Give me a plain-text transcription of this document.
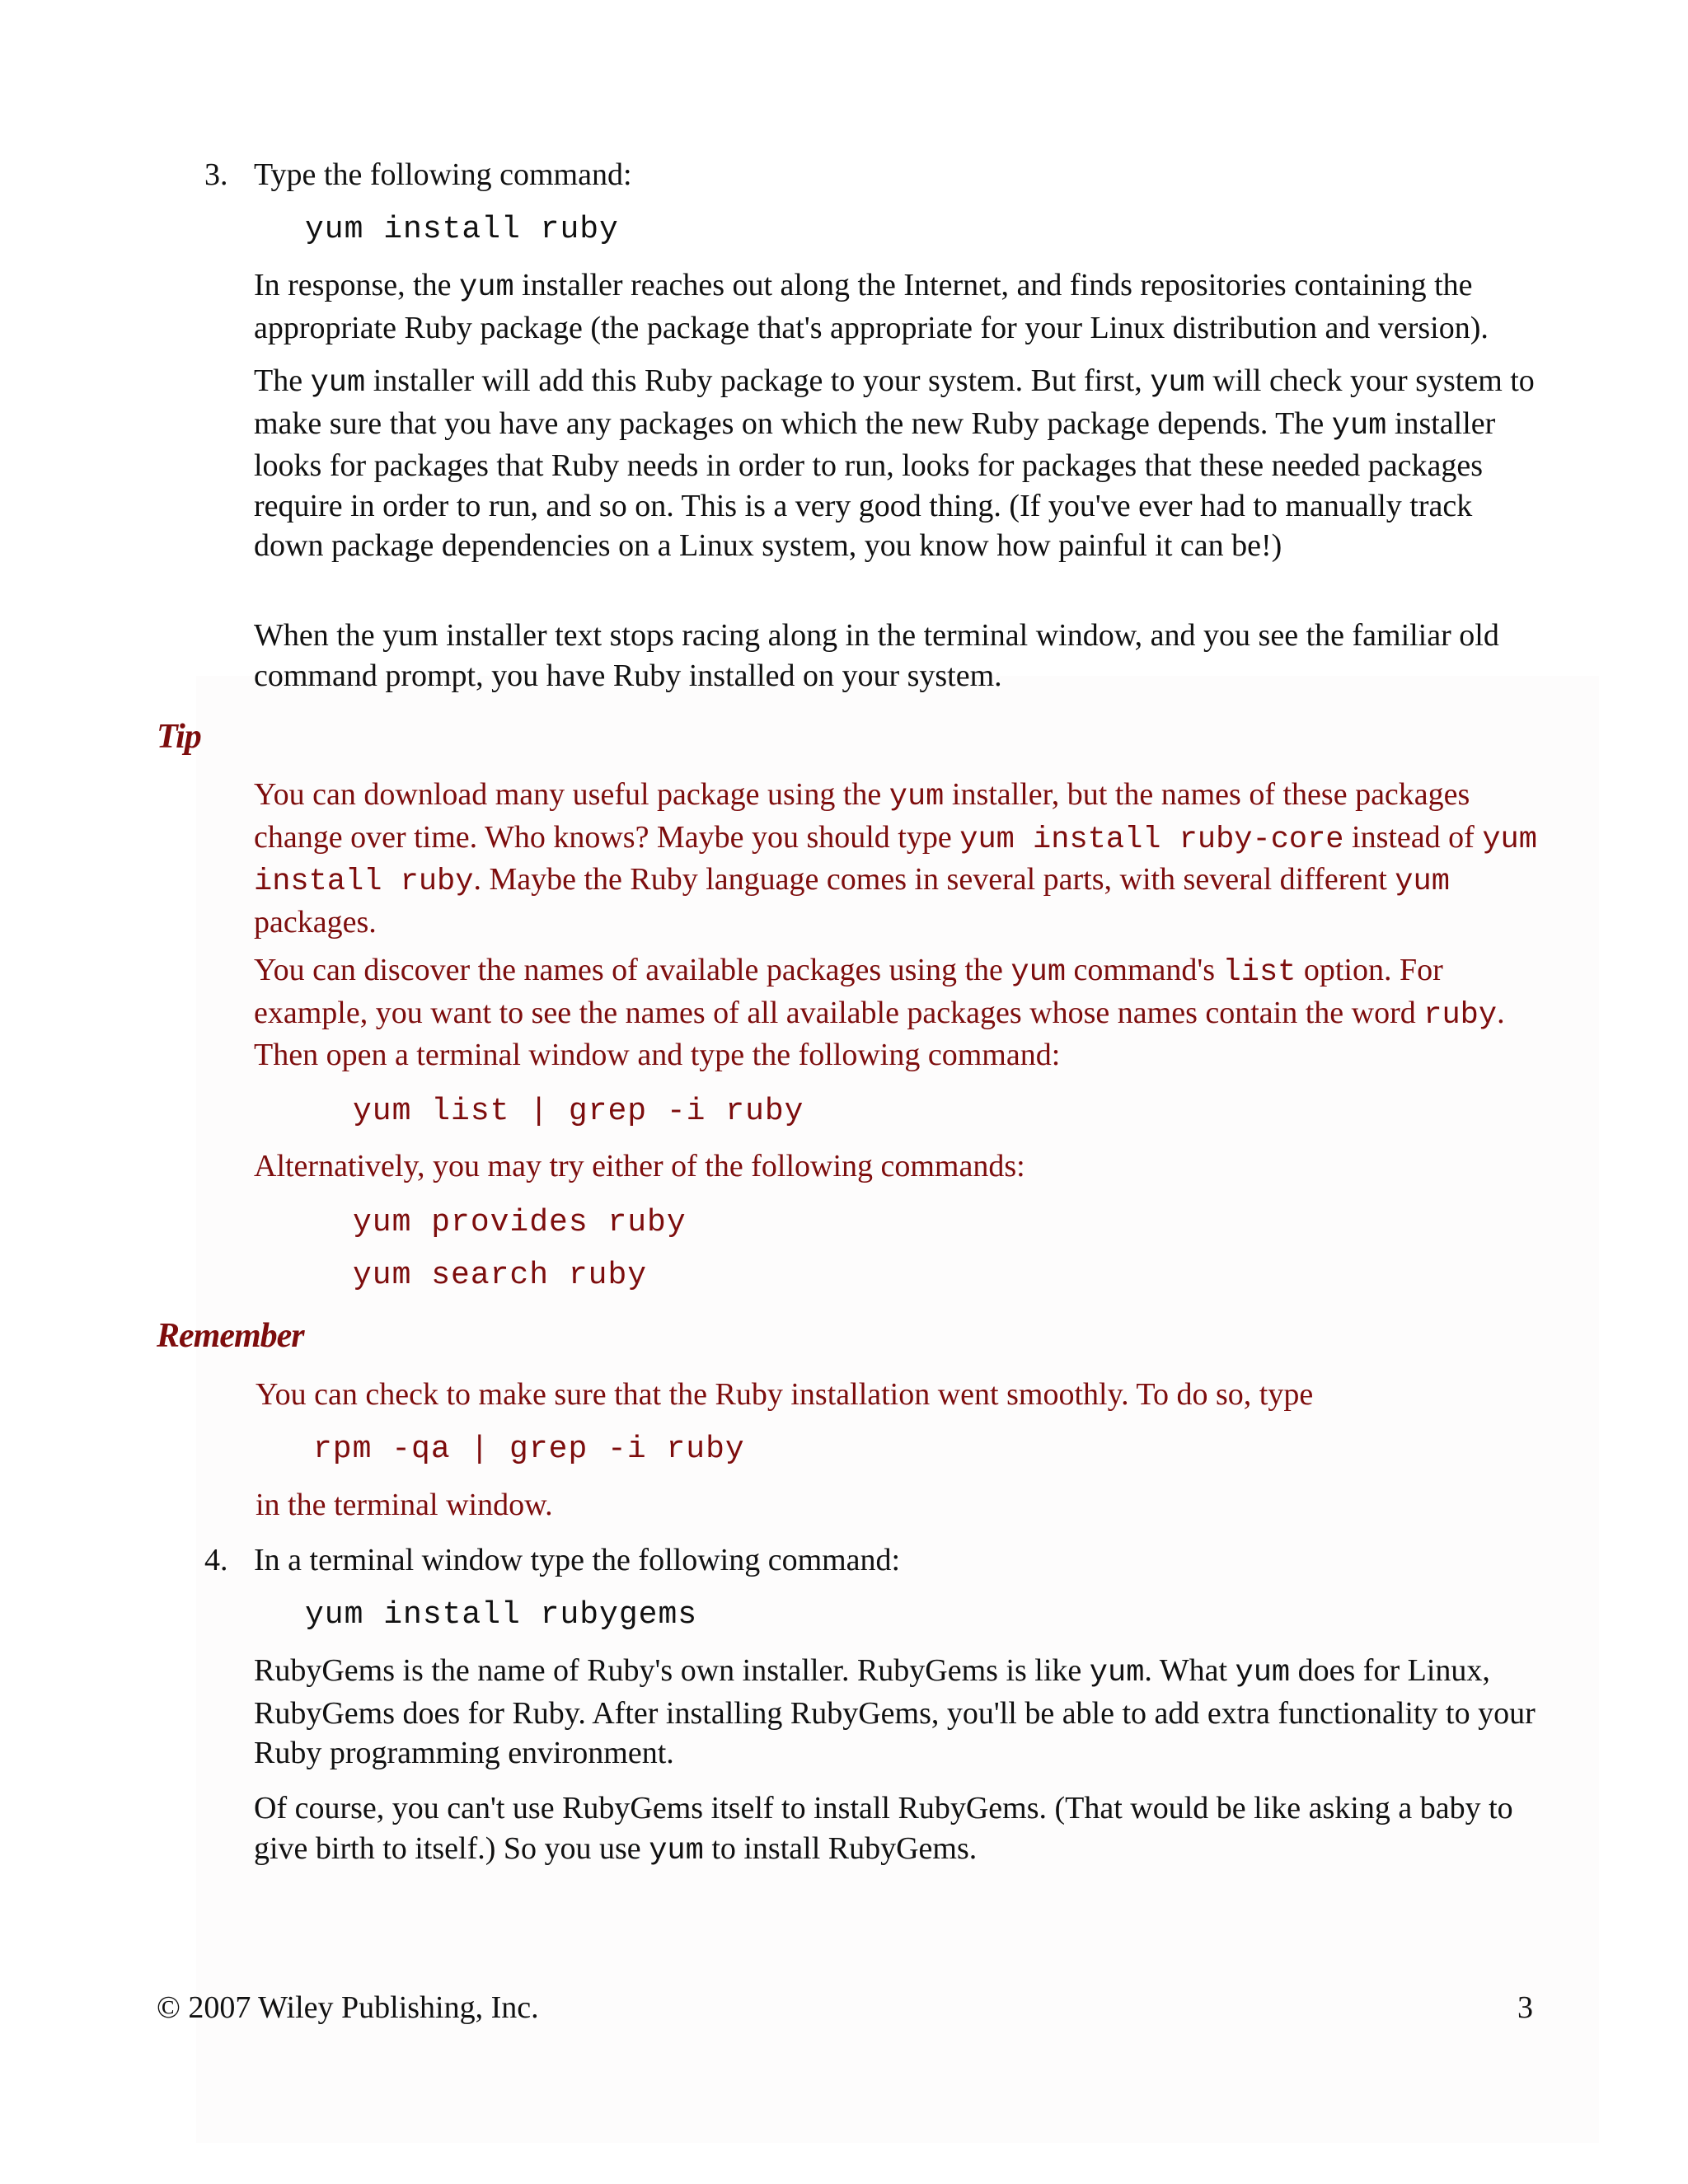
3. Type the following command:

yum install ruby

In response, the yum installer reaches out along the Internet, and finds repositories containing the appropriate Ruby package (the package that's appropriate for your Linux distribution and version).

The yum installer will add this Ruby package to your system. But first, yum will check your system to make sure that you have any packages on which the new Ruby package depends. The yum installer looks for packages that Ruby needs in order to run, looks for packages that these needed packages require in order to run, and so on. This is a very good thing. (If you've ever had to manually track down package dependencies on a Linux system, you know how painful it can be!)

When the yum installer text stops racing along in the terminal window, and you see the familiar old command prompt, you have Ruby installed on your system.

Tip

You can download many useful package using the yum installer, but the names of these packages change over time. Who knows? Maybe you should type yum install ruby-core instead of yum install ruby. Maybe the Ruby language comes in several parts, with several different yum packages.

You can discover the names of available packages using the yum command's list option. For example, you want to see the names of all available packages whose names contain the word ruby. Then open a terminal window and type the following command:

yum list | grep -i ruby

Alternatively, you may try either of the following commands:

yum provides ruby

yum search ruby

Remember

You can check to make sure that the Ruby installation went smoothly. To do so, type

rpm -qa | grep -i ruby

in the terminal window.

4. In a terminal window type the following command:

yum install rubygems

RubyGems is the name of Ruby's own installer. RubyGems is like yum. What yum does for Linux, RubyGems does for Ruby. After installing RubyGems, you'll be able to add extra functionality to your Ruby programming environment.

Of course, you can't use RubyGems itself to install RubyGems. (That would be like asking a baby to give birth to itself.) So you use yum to install RubyGems.

© 2007 Wiley Publishing, Inc.	3
